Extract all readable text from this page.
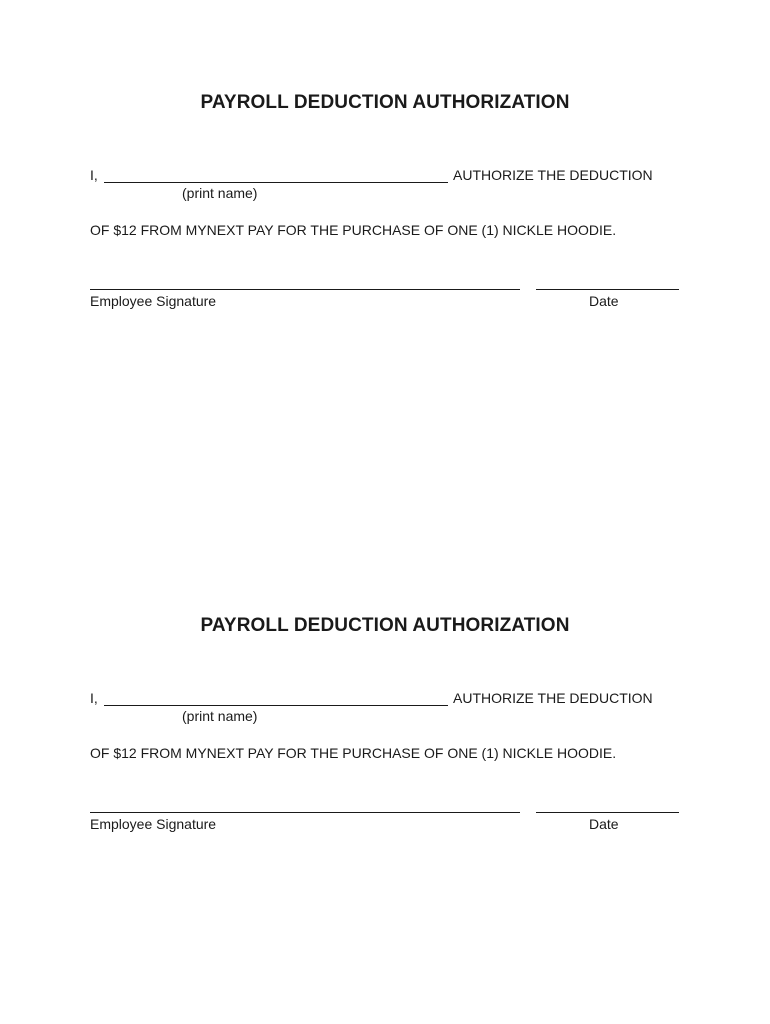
PAYROLL DEDUCTION AUTHORIZATION
I,	AUTHORIZE THE DEDUCTION
(print name)
OF $12 FROM MYNEXT PAY FOR THE PURCHASE OF ONE (1) NICKLE HOODIE.
Employee Signature	Date
PAYROLL DEDUCTION AUTHORIZATION
I,	AUTHORIZE THE DEDUCTION
(print name)
OF $12 FROM MYNEXT PAY FOR THE PURCHASE OF ONE (1) NICKLE HOODIE.
Employee Signature	Date
